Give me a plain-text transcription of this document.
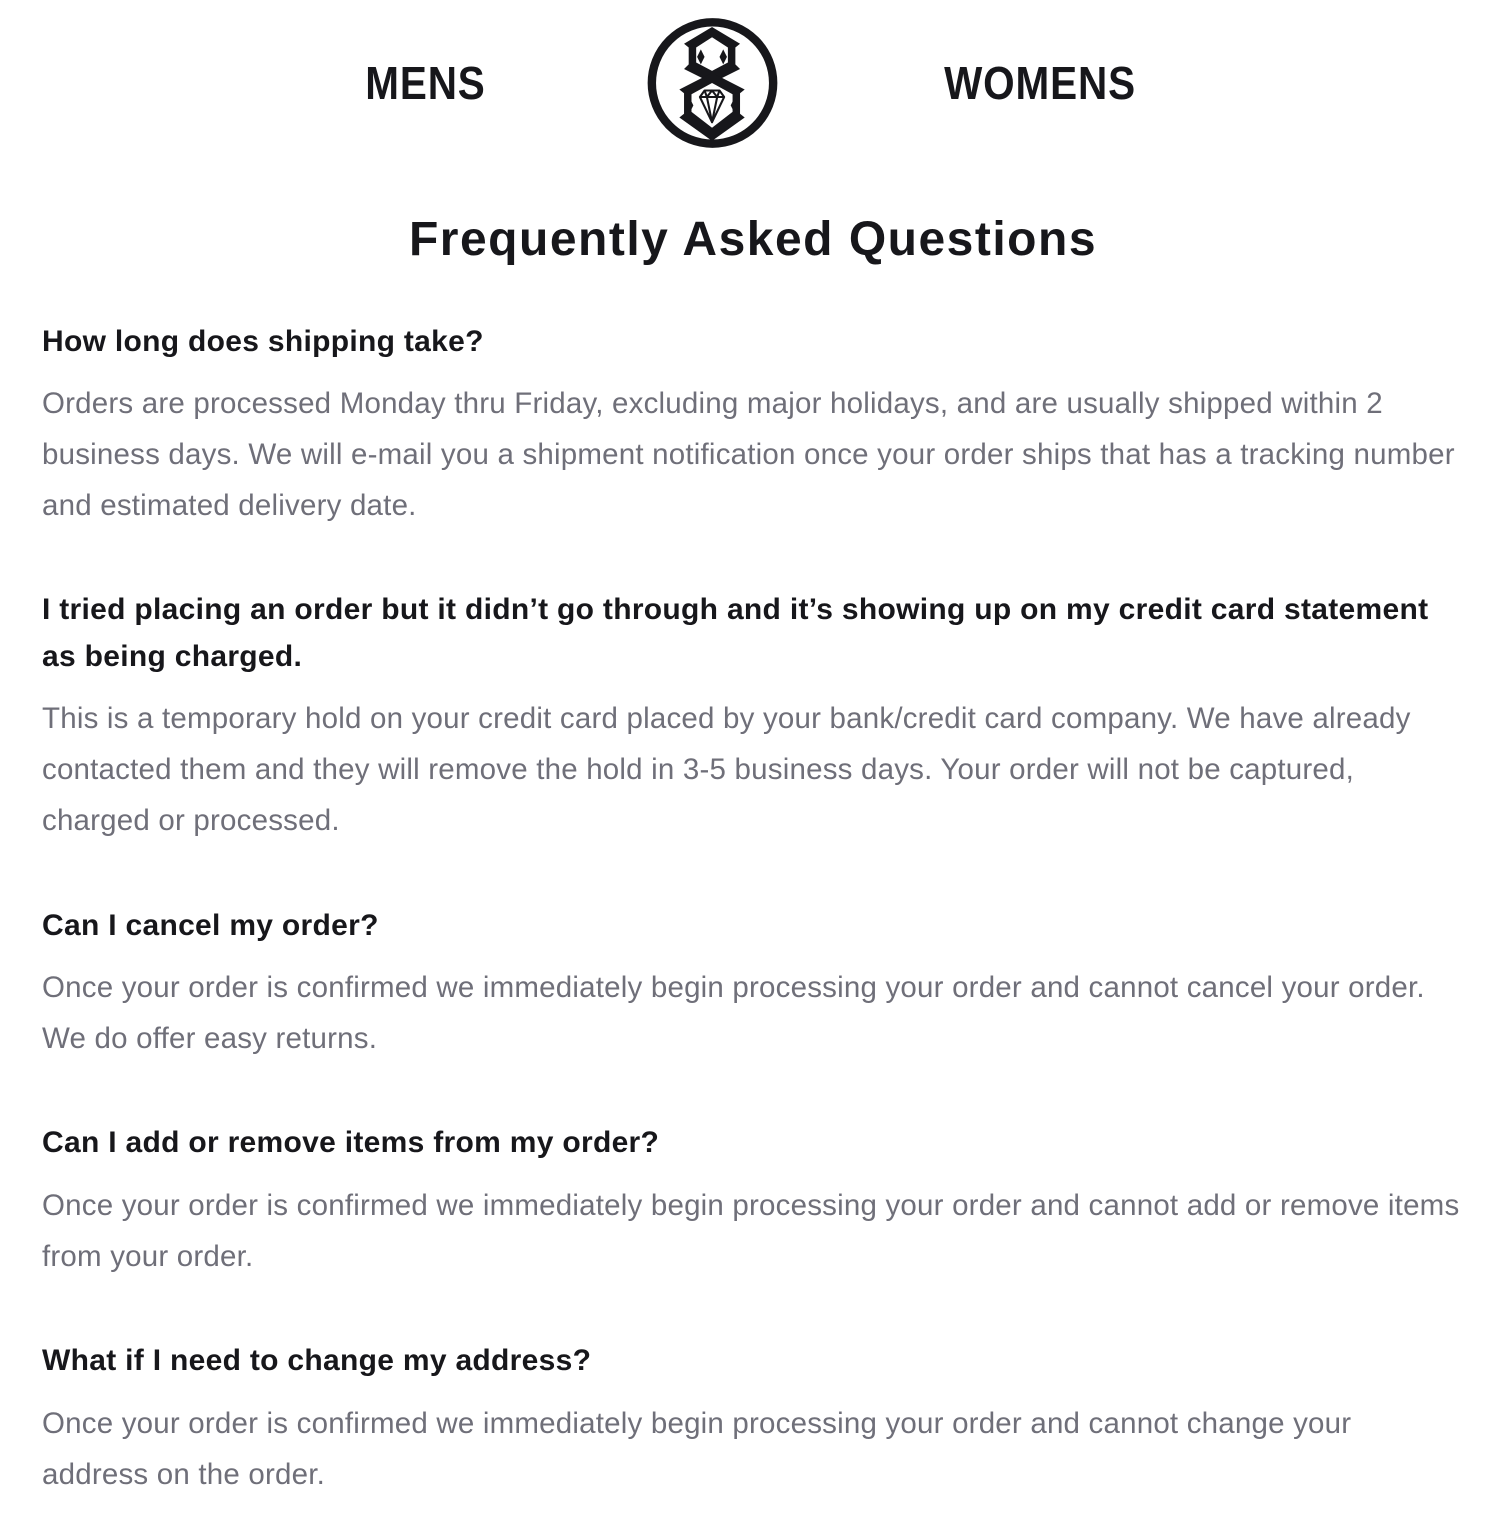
MENS	WOMENS
Frequently Asked Questions
How long does shipping take?

Orders are processed Monday thru Friday, excluding major holidays, and are usually shipped within 2 business days. We will e-mail you a shipment notification once your order ships that has a tracking number and estimated delivery date.

I tried placing an order but it didn’t go through and it’s showing up on my credit card statement as being charged.

This is a temporary hold on your credit card placed by your bank/credit card company. We have already contacted them and they will remove the hold in 3-5 business days. Your order will not be captured, charged or processed.

Can I cancel my order?

Once your order is confirmed we immediately begin processing your order and cannot cancel your order. We do offer easy returns.

Can I add or remove items from my order?

Once your order is confirmed we immediately begin processing your order and cannot add or remove items from your order.

What if I need to change my address?

Once your order is confirmed we immediately begin processing your order and cannot change your address on the order.
